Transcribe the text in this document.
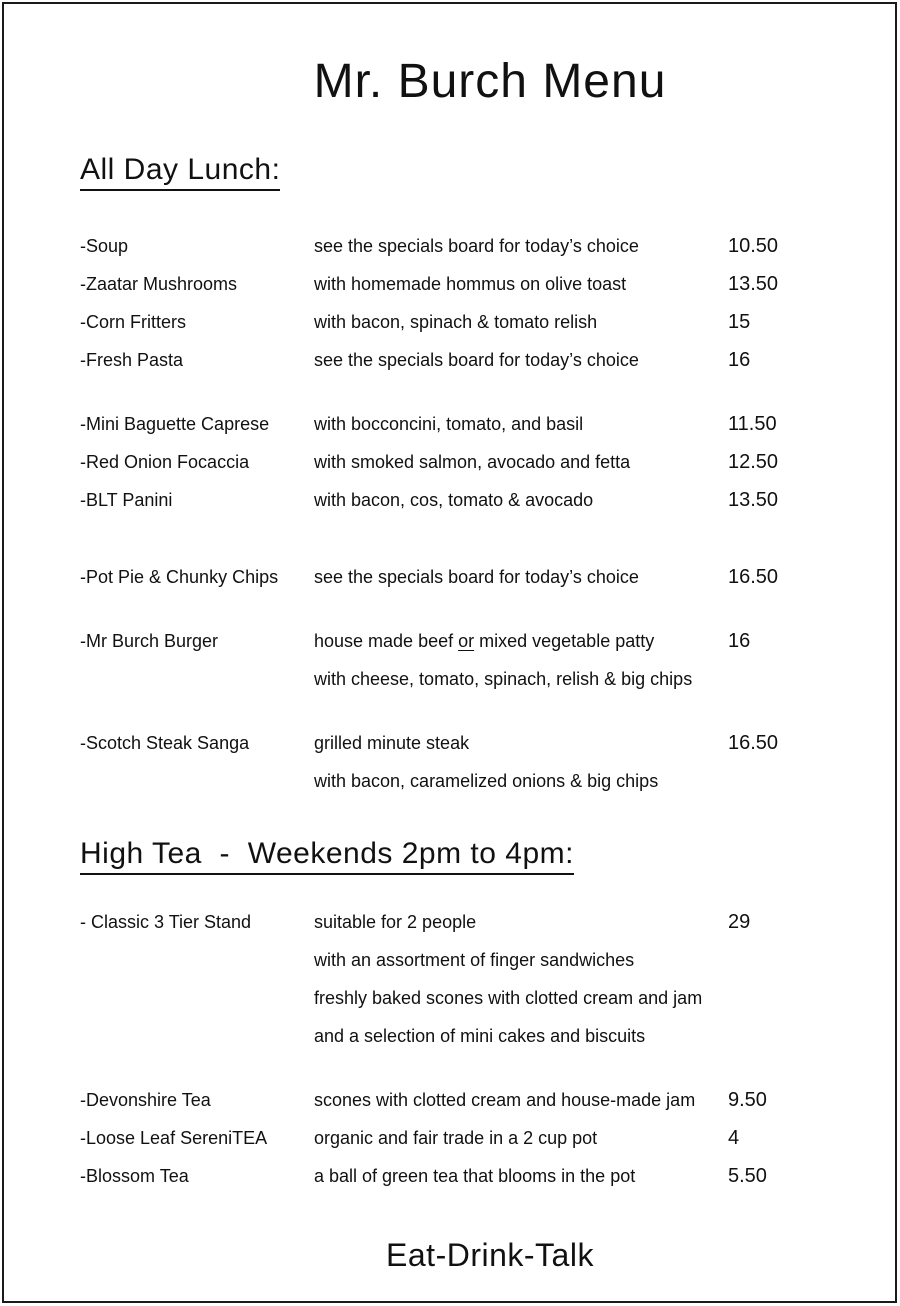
Mr. Burch Menu
All Day Lunch:
-Soup	see the specials board for today’s choice	10.50
-Zaatar Mushrooms	with homemade hommus on olive toast	13.50
-Corn Fritters	with bacon, spinach & tomato relish	15
-Fresh Pasta	see the specials board for today’s choice	16
-Mini Baguette Caprese	with bocconcini, tomato, and basil	11.50
-Red Onion Focaccia	with smoked salmon, avocado and fetta	12.50
-BLT Panini	with bacon, cos, tomato & avocado	13.50
-Pot Pie & Chunky Chips	see the specials board for today’s choice	16.50
-Mr Burch Burger	house made beef or mixed vegetable patty	16
with cheese, tomato, spinach, relish & big chips
-Scotch Steak Sanga	grilled minute steak	16.50
with bacon, caramelized onions & big chips
High Tea  -  Weekends 2pm to 4pm:
- Classic 3 Tier Stand	suitable for 2 people	29
with an assortment of finger sandwiches
freshly baked scones with clotted cream and jam
and a selection of mini cakes and biscuits
-Devonshire Tea	scones with clotted cream and house-made jam	9.50
-Loose Leaf SereniTEA	organic and fair trade in a 2 cup pot	4
-Blossom Tea	a ball of green tea that blooms in the pot	5.50
Eat-Drink-Talk
